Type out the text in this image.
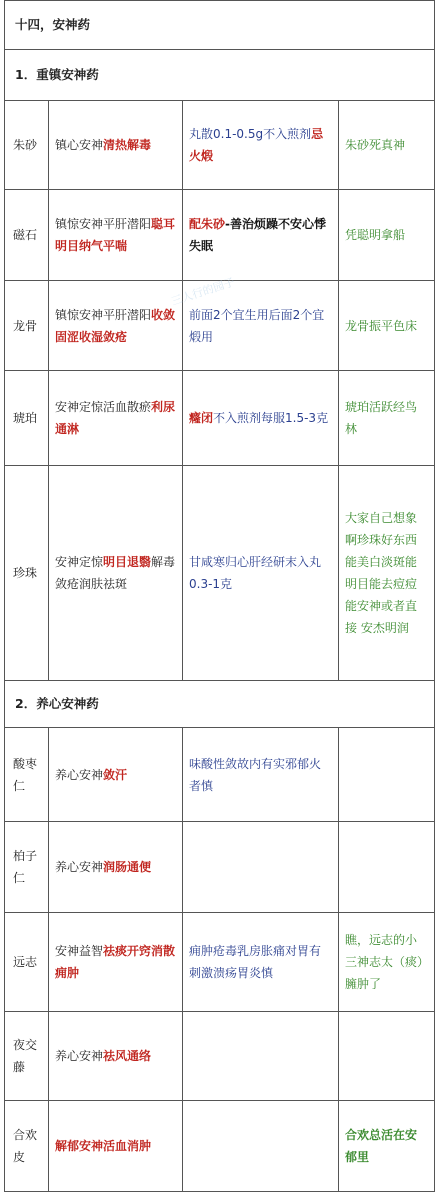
三人行的园子
十四，安神药			
1．重镇安神药			
朱砂	镇心安神清热解毒	丸散0.1-0.5g不入煎剂忌火煅	朱砂死真神
磁石	镇惊安神平肝潜阳聪耳明目纳气平喘	配朱砂-善治烦躁不安心悸失眠	凭聪明拿船
龙骨	镇惊安神平肝潜阳收敛固涩收湿敛疮	前面2个宜生用后面2个宜煅用	龙骨振平色床
琥珀	安神定惊活血散瘀利尿通淋	癃闭不入煎剂每服1.5-3克	琥珀活跃经鸟林
珍珠	安神定惊明目退翳解毒敛疮润肤祛斑	甘咸寒归心肝经研末入丸0.3-1克	大家自己想象啊珍珠好东西能美白淡斑能明目能去痘痘能安神或者直接 安杰明润
2．养心安神药			
酸枣仁	养心安神敛汗	味酸性敛故内有实邪郁火者慎	
柏子仁	养心安神润肠通便		
远志	安神益智祛痰开窍消散痈肿	痈肿疮毒乳房胀痛对胃有刺激溃疡胃炎慎	瞧，远志的小三神志太（痰）臃肿了
夜交藤	养心安神祛风通络		
合欢皮	解郁安神活血消肿		合欢总活在安郁里
